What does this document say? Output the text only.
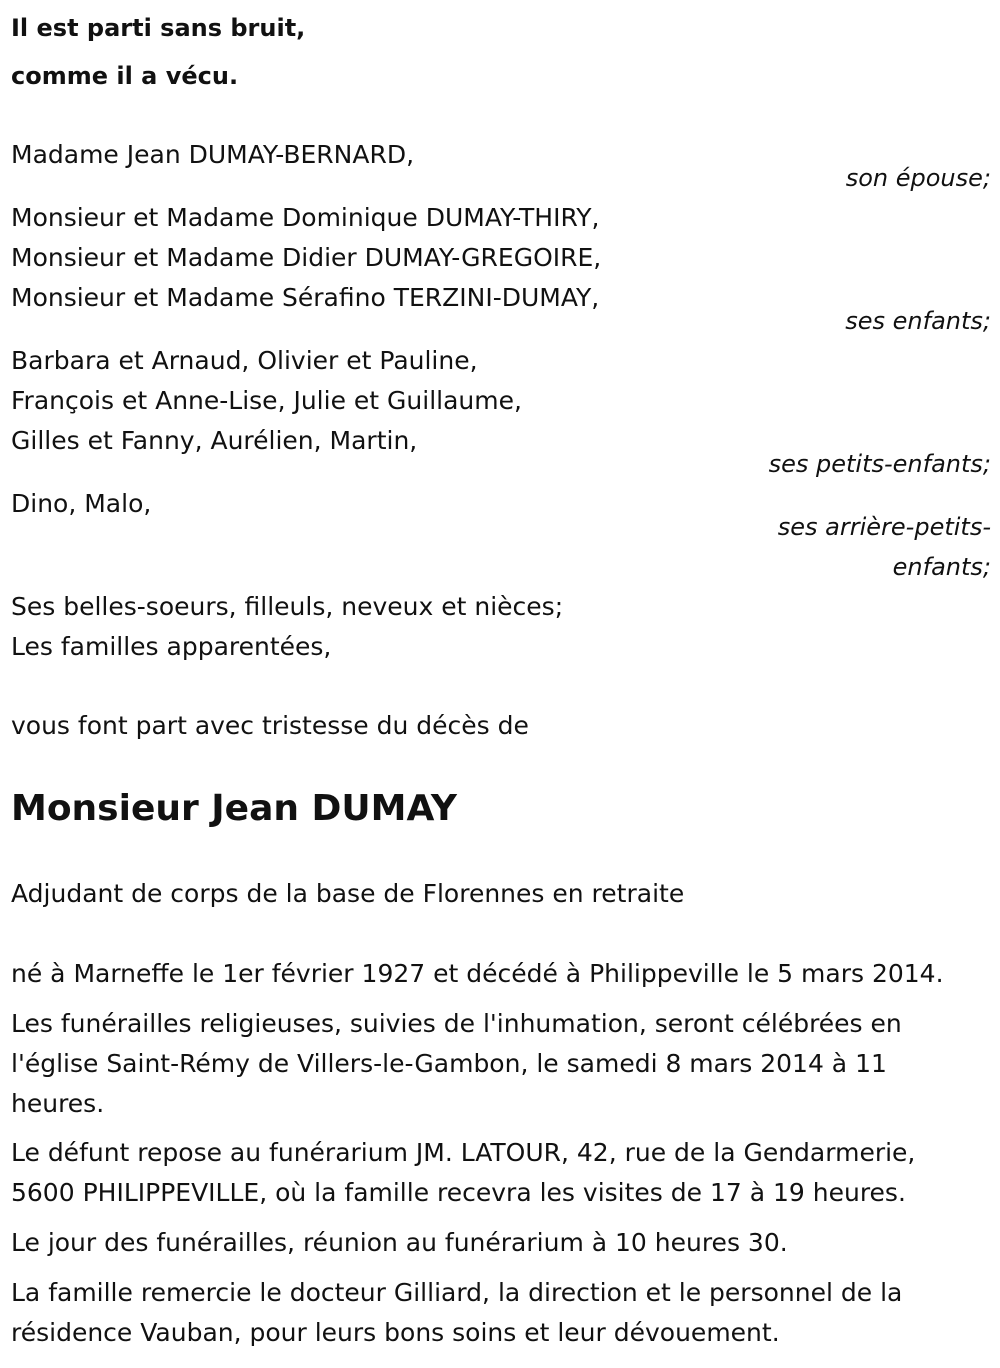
Il est parti sans bruit,
comme il a vécu.
Madame Jean DUMAY-BERNARD,
son épouse;
Monsieur et Madame Dominique DUMAY-THIRY,
Monsieur et Madame Didier DUMAY-GREGOIRE,
Monsieur et Madame Sérafino TERZINI-DUMAY,
ses enfants;
Barbara et Arnaud, Olivier et Pauline,
François et Anne-Lise, Julie et Guillaume,
Gilles et Fanny, Aurélien, Martin,
ses petits-enfants;
Dino, Malo,
ses arrière-petits-enfants;
Ses belles-soeurs, filleuls, neveux et nièces;
Les familles apparentées,
vous font part avec tristesse du décès de
Monsieur Jean DUMAY
Adjudant de corps de la base de Florennes en retraite
né à Marneffe le 1er février 1927 et décédé à Philippeville le 5 mars 2014.
Les funérailles religieuses, suivies de l'inhumation, seront célébrées en l'église Saint-Rémy de Villers-le-Gambon, le samedi 8 mars 2014 à 11 heures.
Le défunt repose au funérarium JM. LATOUR, 42, rue de la Gendarmerie, 5600 PHILIPPEVILLE, où la famille recevra les visites de 17 à 19 heures.
Le jour des funérailles, réunion au funérarium à 10 heures 30.
La famille remercie le docteur Gilliard, la direction et le personnel de la résidence Vauban, pour leurs bons soins et leur dévouement.
